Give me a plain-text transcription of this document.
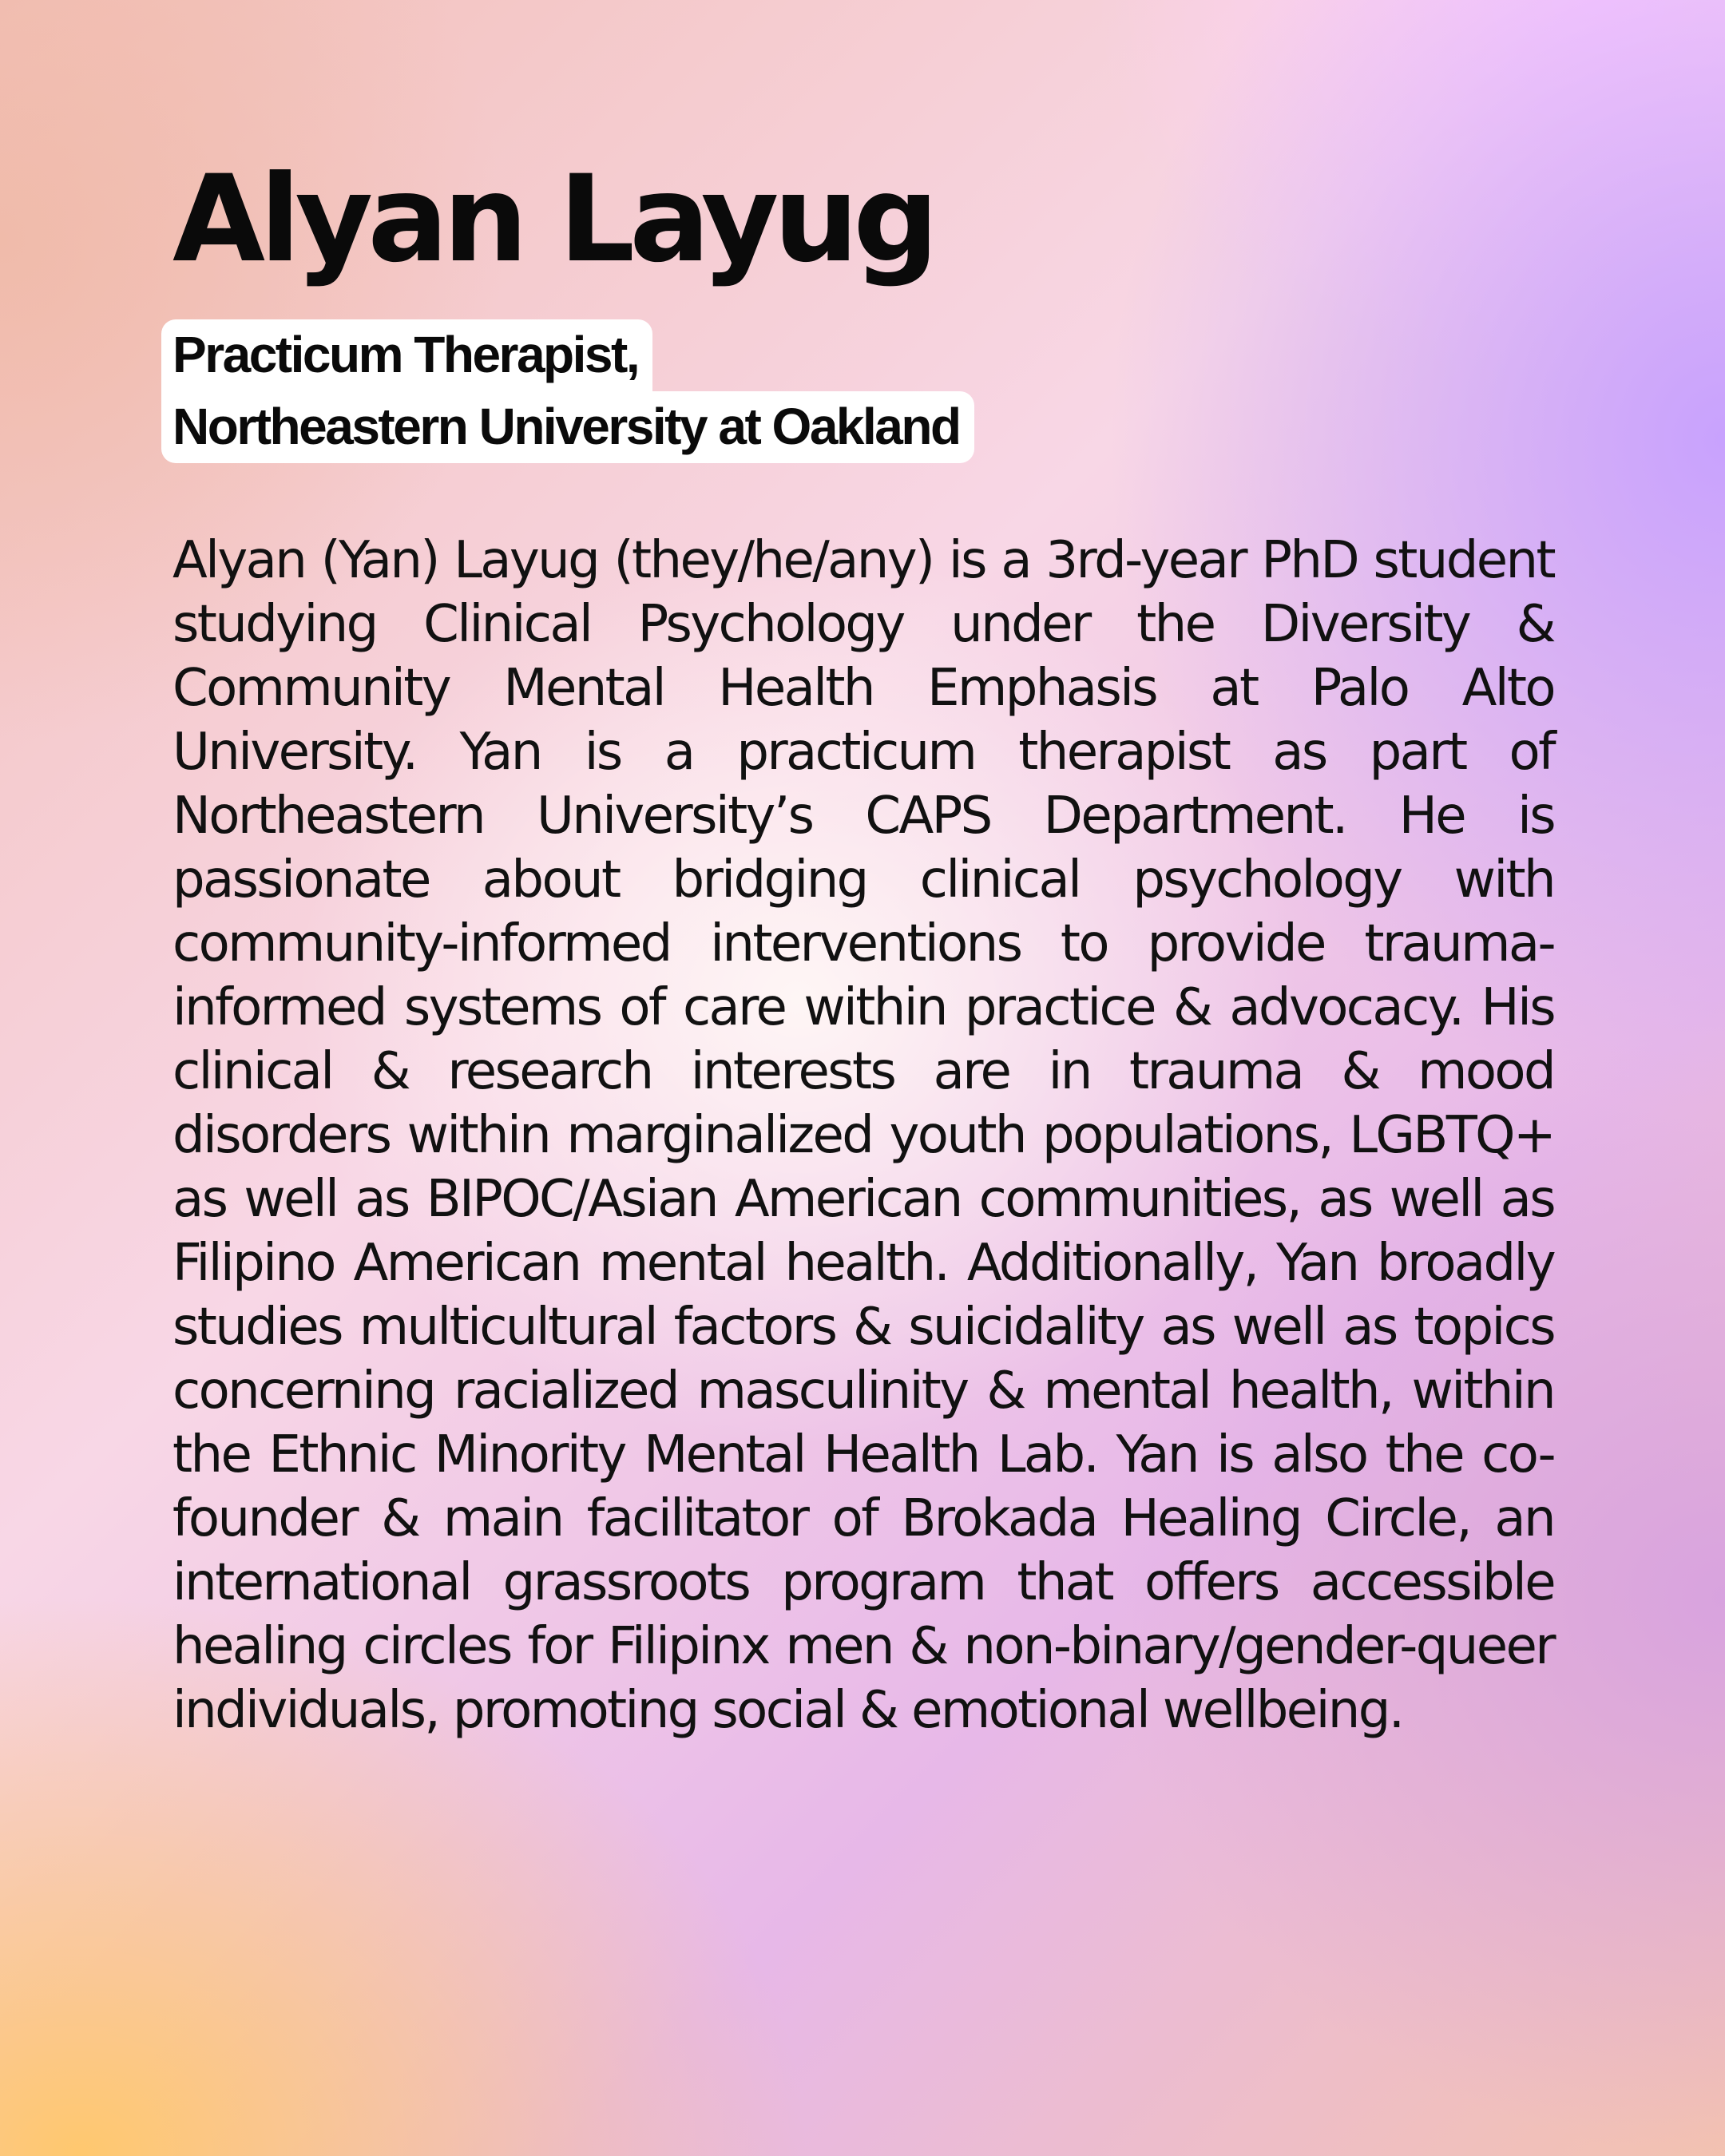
Alyan Layug
Practicum Therapist,
Northeastern University at Oakland

Alyan (Yan) Layug (they/he/any) is a 3rd-year PhD student studying Clinical Psychology under the Diversity & Community Mental Health Emphasis at Palo Alto University. Yan is a practicum therapist as part of Northeastern University’s CAPS Department. He is passionate about bridging clinical psychology with community-informed interventions to provide trauma-informed systems of care within practice & advocacy. His clinical & research interests are in trauma & mood disorders within marginalized youth populations, LGBTQ+ as well as BIPOC/Asian American communities, as well as Filipino American mental health. Additionally, Yan broadly studies multicultural factors & suicidality as well as topics concerning racialized masculinity & mental health, within the Ethnic Minority Mental Health Lab. Yan is also the co-founder & main facilitator of Brokada Healing Circle, an international grassroots program that offers accessible healing circles for Filipinx men & non-binary/gender-queer individuals, promoting social & emotional wellbeing.
